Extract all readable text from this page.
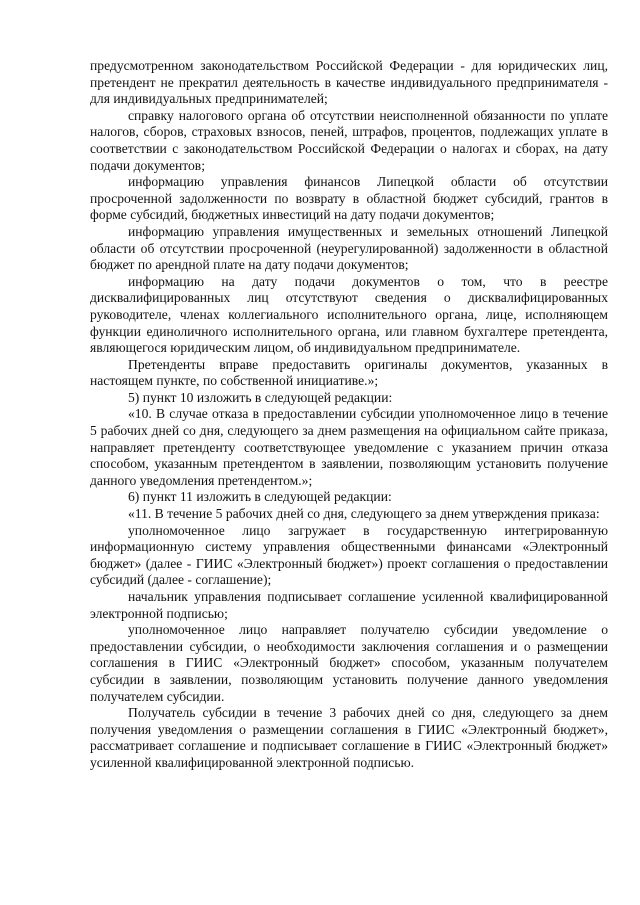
предусмотренном законодательством Российской Федерации - для юридических лиц, претендент не прекратил деятельность в качестве индивидуального предпринимателя - для индивидуальных предпринимателей;

справку налогового органа об отсутствии неисполненной обязанности по уплате налогов, сборов, страховых взносов, пеней, штрафов, процентов, подлежащих уплате в соответствии с законодательством Российской Федерации о налогах и сборах, на дату подачи документов;

информацию управления финансов Липецкой области об отсутствии просроченной задолженности по возврату в областной бюджет субсидий, грантов в форме субсидий, бюджетных инвестиций на дату подачи документов;

информацию управления имущественных и земельных отношений Липецкой области об отсутствии просроченной (неурегулированной) задолженности в областной бюджет по арендной плате на дату подачи документов;

информацию на дату подачи документов о том, что в реестре дисквалифицированных лиц отсутствуют сведения о дисквалифицированных руководителе, членах коллегиального исполнительного органа, лице, исполняющем функции единоличного исполнительного органа, или главном бухгалтере претендента, являющегося юридическим лицом, об индивидуальном предпринимателе.

Претенденты вправе предоставить оригиналы документов, указанных в настоящем пункте, по собственной инициативе.»;

5) пункт 10 изложить в следующей редакции:

«10. В случае отказа в предоставлении субсидии уполномоченное лицо в течение 5 рабочих дней со дня, следующего за днем размещения на официальном сайте приказа, направляет претенденту соответствующее уведомление с указанием причин отказа способом, указанным претендентом в заявлении, позволяющим установить получение данного уведомления претендентом.»;

6) пункт 11 изложить в следующей редакции:

«11. В течение 5 рабочих дней со дня, следующего за днем утверждения приказа:

уполномоченное лицо загружает в государственную интегрированную информационную систему управления общественными финансами «Электронный бюджет» (далее - ГИИС «Электронный бюджет») проект соглашения о предоставлении субсидий (далее - соглашение);

начальник управления подписывает соглашение усиленной квалифицированной электронной подписью;

уполномоченное лицо направляет получателю субсидии уведомление о предоставлении субсидии, о необходимости заключения соглашения и о размещении соглашения в ГИИС «Электронный бюджет» способом, указанным получателем субсидии в заявлении, позволяющим установить получение данного уведомления получателем субсидии.

Получатель субсидии в течение 3 рабочих дней со дня, следующего за днем получения уведомления о размещении соглашения в ГИИС «Электронный бюджет», рассматривает соглашение и подписывает соглашение в ГИИС «Электронный бюджет» усиленной квалифицированной электронной подписью.
